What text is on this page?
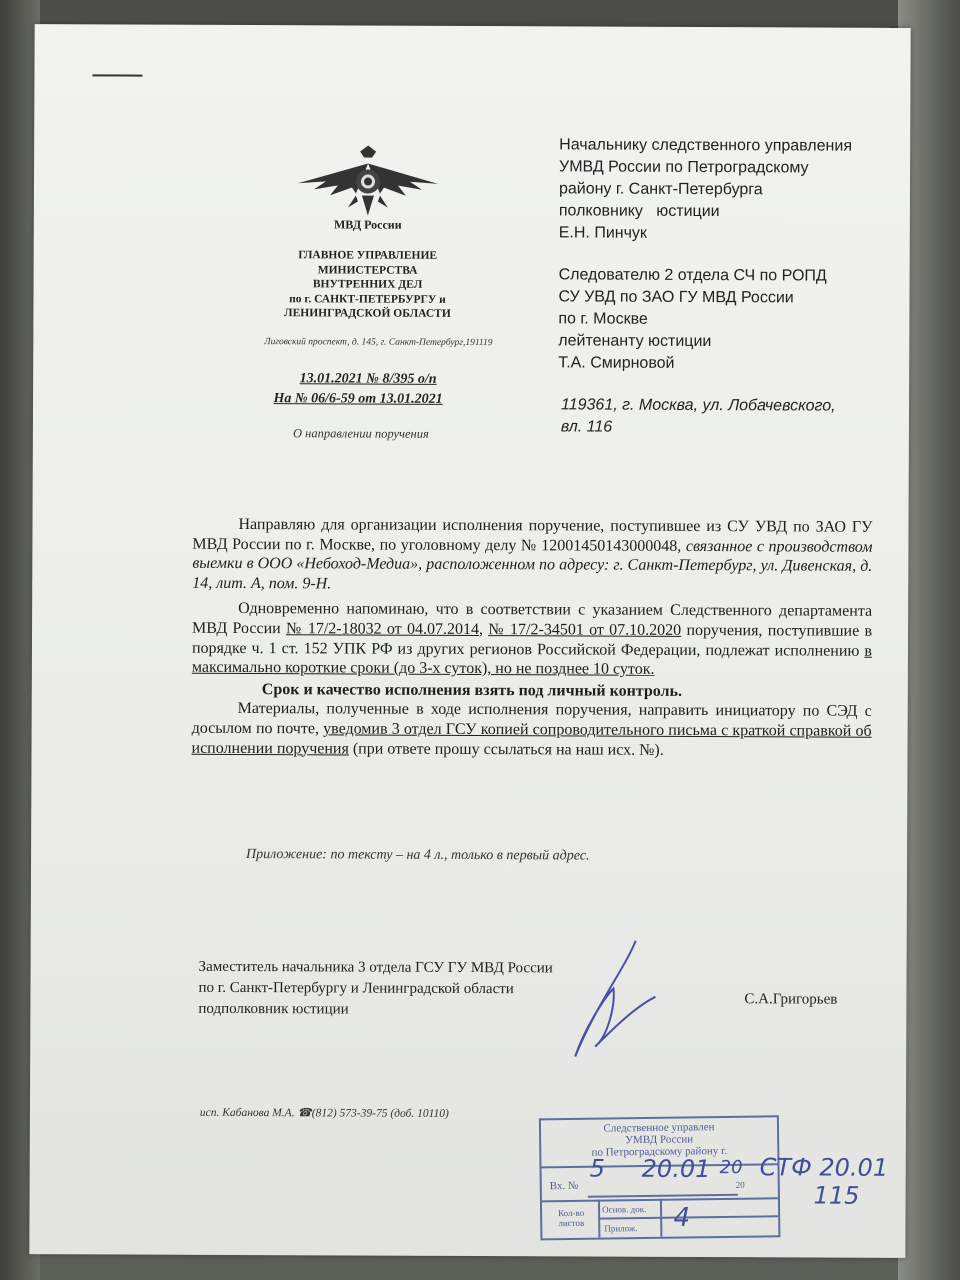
МВД России
ГЛАВНОЕ УПРАВЛЕНИЕ
МИНИСТЕРСТВА
ВНУТРЕННИХ ДЕЛ
по г. САНКТ-ПЕТЕРБУРГУ и
ЛЕНИНГРАДСКОЙ ОБЛАСТИ
Лиговский проспект, д. 145, г. Санкт-Петербург,191119
13.01.2021 № 8/395 о/п
На № 06/6-59 от 13.01.2021
О направлении поручения
Начальнику следственного управления
УМВД России по Петроградскому
району г. Санкт-Петербурга
полковнику   юстиции
Е.Н. Пинчук
Следователю 2 отдела СЧ по РОПД
СУ УВД по ЗАО ГУ МВД России
по г. Москве
лейтенанту юстиции
Т.А. Смирновой
119361, г. Москва, ул. Лобачевского,
вл. 116

Направляю для организации исполнения поручение, поступившее из СУ УВД по ЗАО ГУ МВД России по г. Москве, по уголовному делу № 12001450143000048, связанное с производством выемки в ООО «Небоход-Медиа», расположенном по адресу: г. Санкт-Петербург, ул. Дивенская, д. 14, лит. А, пом. 9-Н.

Одновременно напоминаю, что в соответствии с указанием Следственного департамента МВД России № 17/2-18032 от 04.07.2014, № 17/2-34501 от 07.10.2020 поручения, поступившие в порядке ч. 1 ст. 152 УПК РФ из других регионов Российской Федерации, подлежат исполнению в максимально короткие сроки (до 3-х суток), но не позднее 10 суток.

Срок и качество исполнения взять под личный контроль.

Материалы, полученные в ходе исполнения поручения, направить инициатору по СЭД с досылом по почте, уведомив 3 отдел ГСУ копией сопроводительного письма с краткой справкой об исполнении поручения (при ответе прошу ссылаться на наш исх. №).

Приложение: по тексту – на 4 л., только в первый адрес.
Заместитель начальника 3 отдела ГСУ ГУ МВД России
по г. Санкт-Петербургу и Ленинградской области
подполковник юстиции
С.А.Григорьев
исп. Кабанова М.А. ☎(812) 573-39-75 (доб. 10110)
Следственное управлен
УМВД России
по Петроградскому району г.
Вх. №	20
Кол-во листов
Основ. док.
Прилож.
5 20.01 20 СТФ 20.01
115
4
